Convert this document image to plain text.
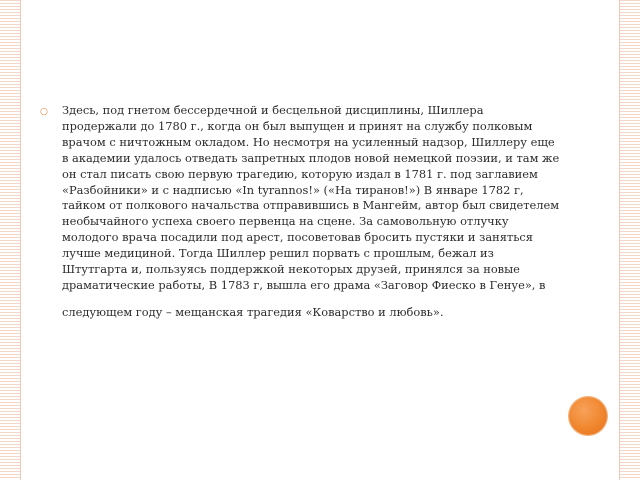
○ Здесь, под гнетом бессердечной и бесцельной дисциплины, Шиллера продержали до 1780 г., когда он был выпущен и принят на службу полковым врачом с ничтожным окладом. Но несмотря на усиленный надзор, Шиллеру еще в академии удалось отведать запретных плодов новой немецкой поэзии, и там же он стал писать свою первую трагедию, которую издал в 1781 г. под заглавием «Разбойники» и с надписью «In tyrannos!» («На тиранов!») В январе 1782 г, тайком от полкового начальства отправившись в Мангейм, автор был свидетелем необычайного успеха своего первенца на сцене. За самовольную отлучку молодого врача посадили под арест, посоветовав бросить пустяки и заняться лучше медициной. Тогда Шиллер решил порвать с прошлым, бежал из Штутгарта и, пользуясь поддержкой некоторых друзей, принялся за новые драматические работы, В 1783 г, вышла его драма «Заговор Фиеско в Генуе», в
следующем году – мещанская трагедия «Коварство и любовь».
